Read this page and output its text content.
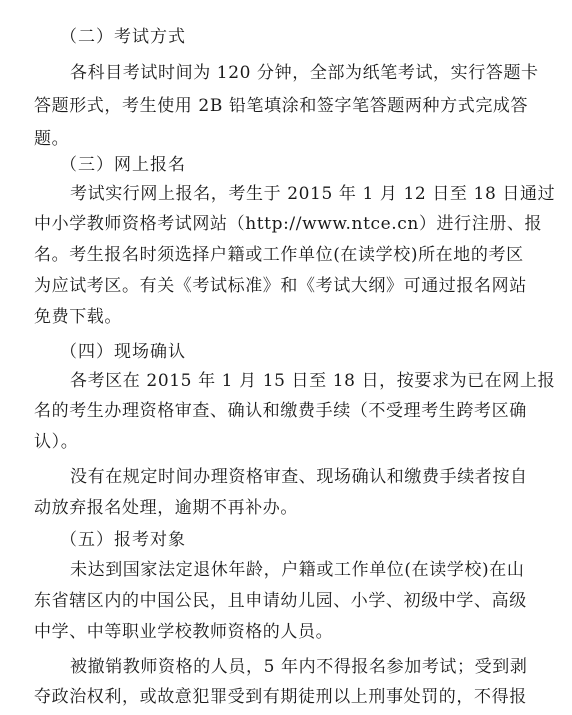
（二）考试方式
各科目考试时间为 120 分钟，全部为纸笔考试，实行答题卡
答题形式，考生使用 2B 铅笔填涂和签字笔答题两种方式完成答
题。
（三）网上报名
考试实行网上报名，考生于 2015 年 1 月 12 日至 18 日通过
中小学教师资格考试网站（http://www.ntce.cn）进行注册、报
名。考生报名时须选择户籍或工作单位(在读学校)所在地的考区
为应试考区。有关《考试标准》和《考试大纲》可通过报名网站
免费下载。
（四）现场确认
各考区在 2015 年 1 月 15 日至 18 日，按要求为已在网上报
名的考生办理资格审查、确认和缴费手续（不受理考生跨考区确
认）。
没有在规定时间办理资格审查、现场确认和缴费手续者按自
动放弃报名处理，逾期不再补办。
（五）报考对象
未达到国家法定退休年龄，户籍或工作单位(在读学校)在山
东省辖区内的中国公民，且申请幼儿园、小学、初级中学、高级
中学、中等职业学校教师资格的人员。
被撤销教师资格的人员，5 年内不得报名参加考试；受到剥
夺政治权利，或故意犯罪受到有期徒刑以上刑事处罚的，不得报
